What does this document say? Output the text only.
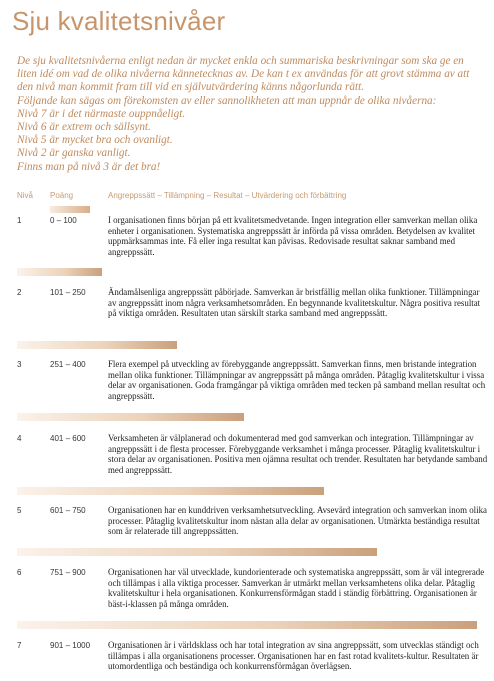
Sju kvalitetsnivåer

De sju kvalitetsnivåerna enligt nedan är mycket enkla och summariska beskrivningar som ska ge en liten idé om vad de olika nivåerna kännetecknas av. De kan t ex användas för att grovt stämma av att den nivå man kommit fram till vid en självutvärdering känns någorlunda rätt.

Följande kan sägas om förekomsten av eller sannolikheten att man uppnår de olika nivåerna:

Nivå 7 är i det närmaste ouppnåeligt.

Nivå 6 är extrem och sällsynt.

Nivå 5 är mycket bra och ovanligt.

Nivå 2 är ganska vanligt.

Finns man på nivå 3 är det bra!

Nivå Poäng	Angreppssätt – Tillämpning – Resultat – Utvärdering och förbättring
1	0 – 100	I organisationen finns början på ett kvalitetsmedvetande. Ingen integration eller samverkan mellan olika enheter i organisationen. Systematiska angreppssätt är införda på vissa områden. Betydelsen av kvalitet uppmärksammas inte. Få eller inga resultat kan påvisas. Redovisade resultat saknar samband med angreppssätt.
2	101 – 250	Ändamålsenliga angreppssätt påbörjade. Samverkan är bristfällig mellan olika funktioner. Tillämpningar av angreppssätt inom några verksamhetsområden. En begynnande kvalitetskultur. Några positiva resultat på viktiga områden. Resultaten utan särskilt starka samband med angreppssätt.
3	251 – 400	Flera exempel på utveckling av förebyggande angreppssätt. Samverkan finns, men bristande integration mellan olika funktioner. Tillämpningar av angreppssätt på många områden. Påtaglig kvalitetskultur i vissa delar av organisationen. Goda framgångar på viktiga områden med tecken på samband mellan resultat och angreppssätt.
4	401 – 600	Verksamheten är välplanerad och dokumenterad med god samverkan och integration. Tillämpningar av angreppssätt i de flesta processer. Förebyggande verksamhet i många processer. Påtaglig kvalitetskultur i stora delar av organisationen. Positiva men ojämna resultat och trender. Resultaten har betydande samband med angreppssätt.
5	601 – 750	Organisationen har en kunddriven verksamhetsutveckling. Avsevärd integration och samverkan inom olika processer. Påtaglig kvalitetskultur inom nästan alla delar av organisationen. Utmärkta beständiga resultat som är relaterade till angreppssätten.
6	751 – 900	Organisationen har väl utvecklade, kundorienterade och systematiska angreppssätt, som är väl integrerade och tillämpas i alla viktiga processer. Samverkan är utmärkt mellan verksamhetens olika delar. Påtaglig kvalitetskultur i hela organisationen. Konkurrensförmågan stadd i ständig förbättring. Organisationen är bäst-i-klassen på många områden.
7	901 – 1000 Organisationen är i världsklass och har total integration av sina angreppssätt, som utvecklas ständigt och tillämpas i alla organisationens processer. Organisationen har en fast rotad kvalitets-kultur. Resultaten är utomordentliga och beständiga och konkurrensförmågan överlägsen.
